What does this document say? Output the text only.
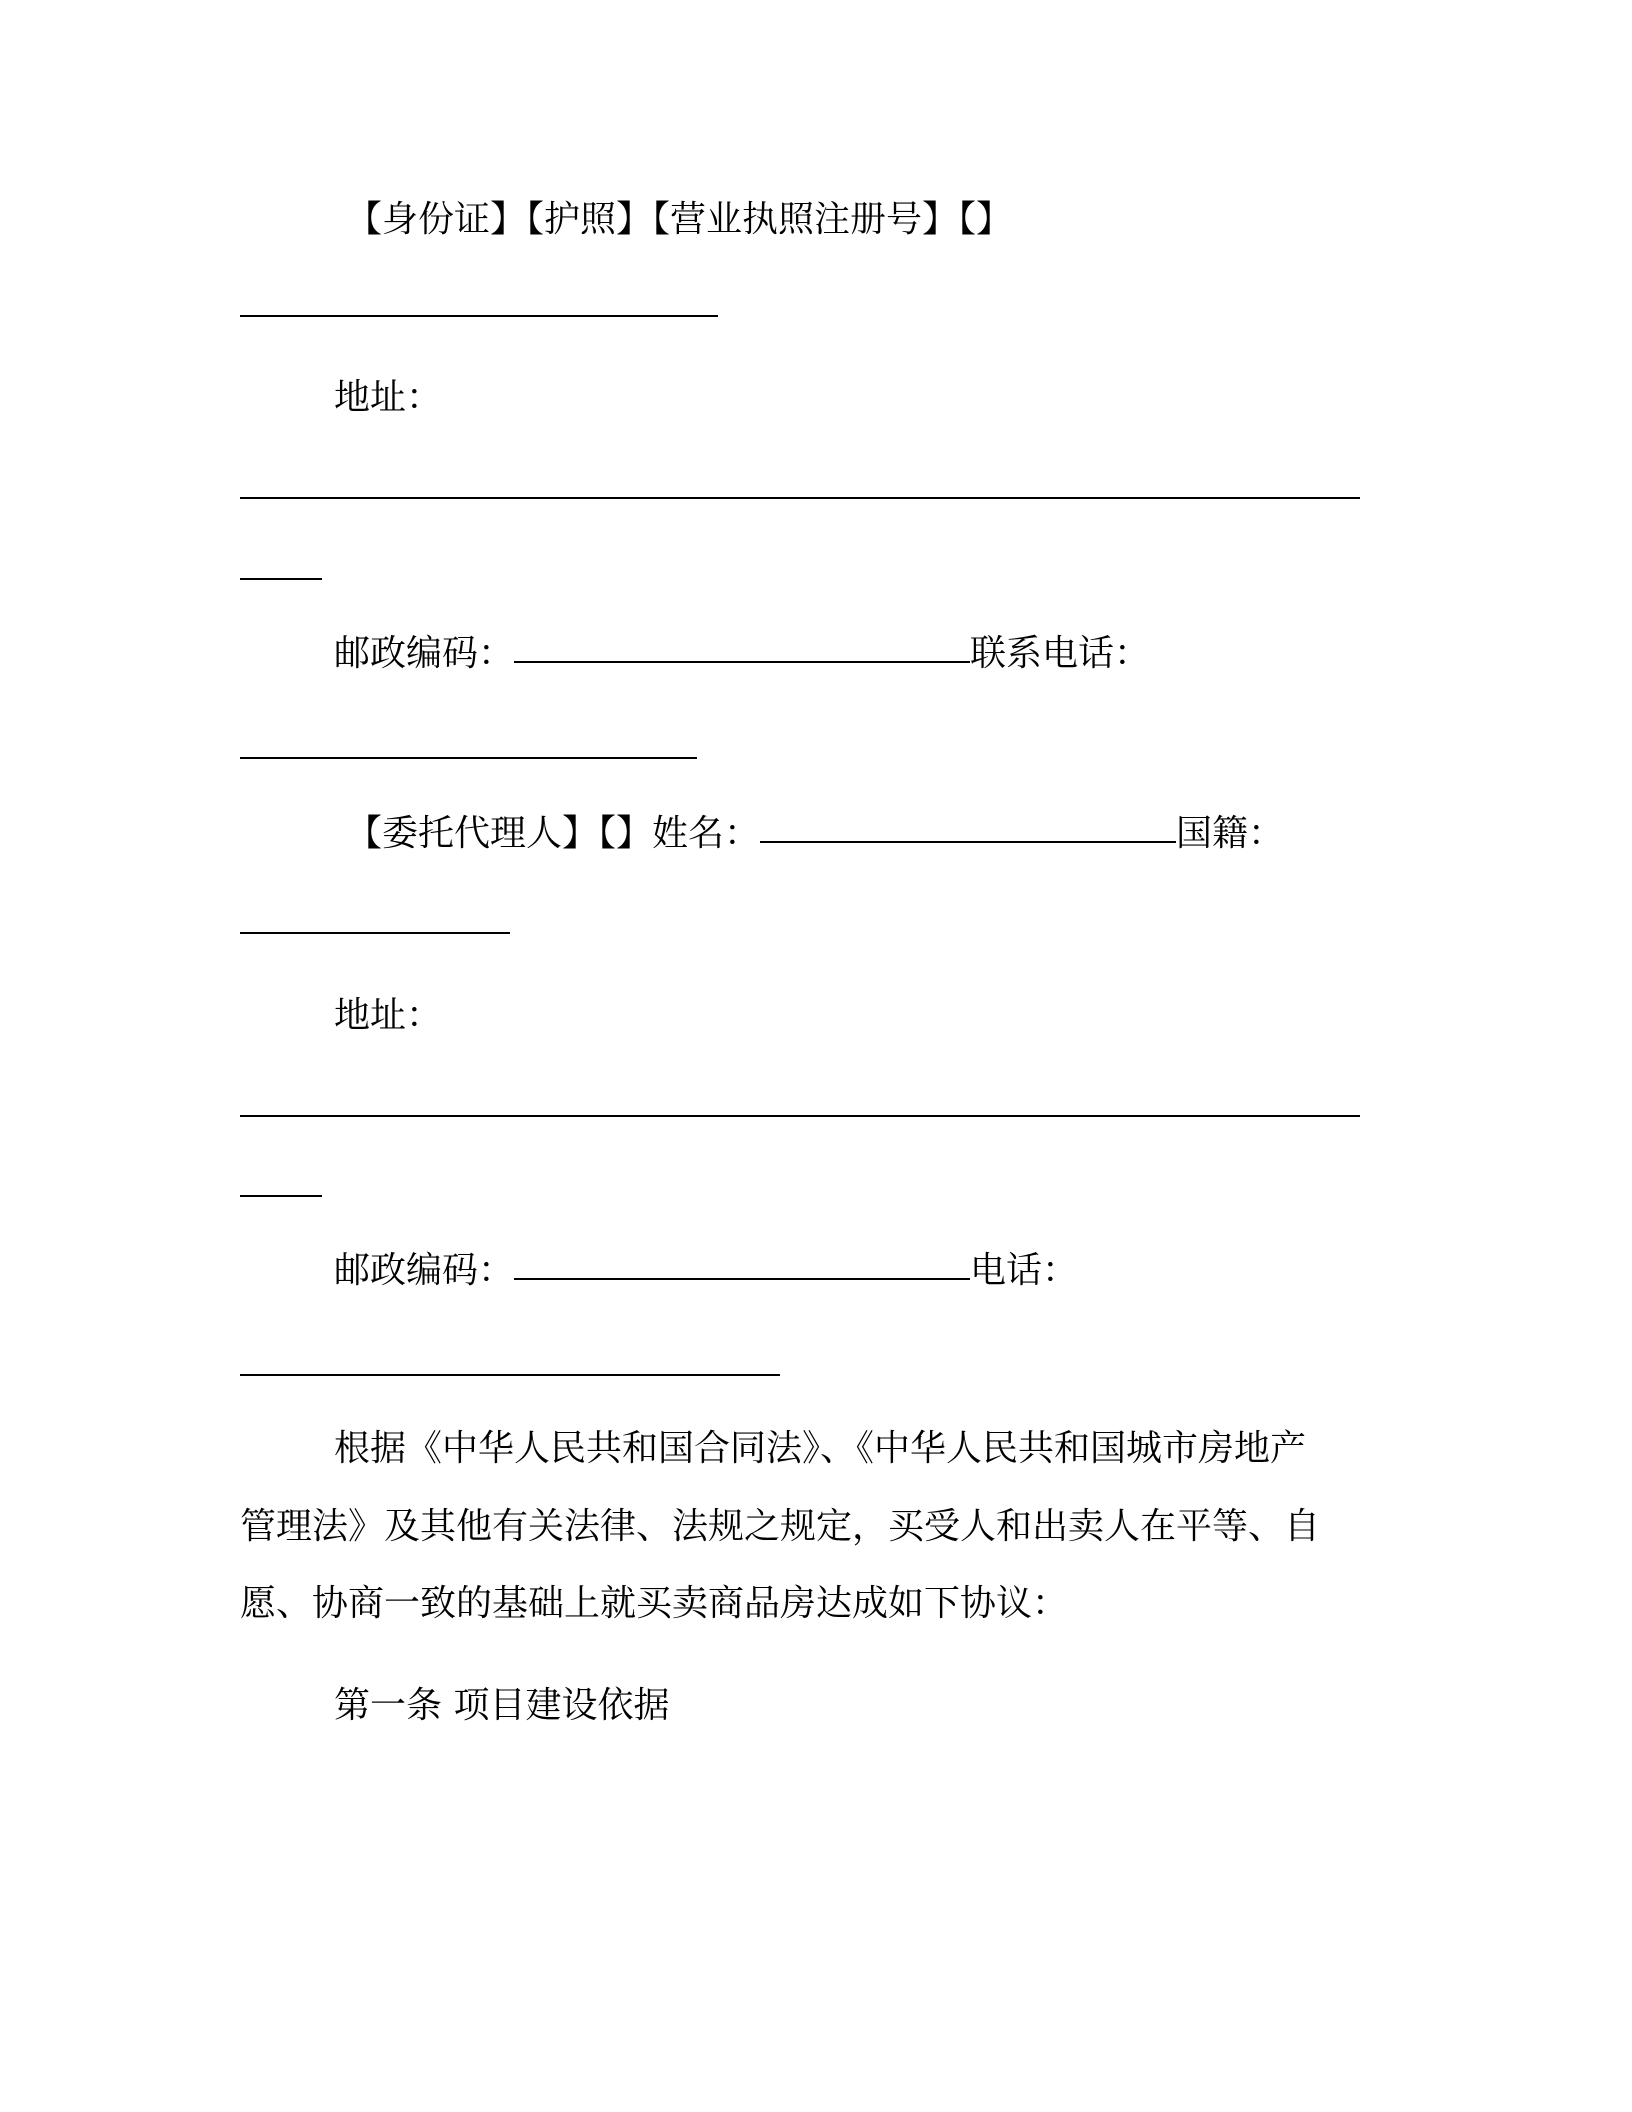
【身份证】【护照】【营业执照注册号】【】
地址：
邮政编码：	联系电话：
【委托代理人】【】姓名：	国籍：
地址：
邮政编码：	电话：
根据《中华人民共和国合同法》、《中华人民共和国城市房地产
管理法》及其他有关法律、法规之规定，买受人和出卖人在平等、自
愿、协商一致的基础上就买卖商品房达成如下协议：
第一条 项目建设依据
